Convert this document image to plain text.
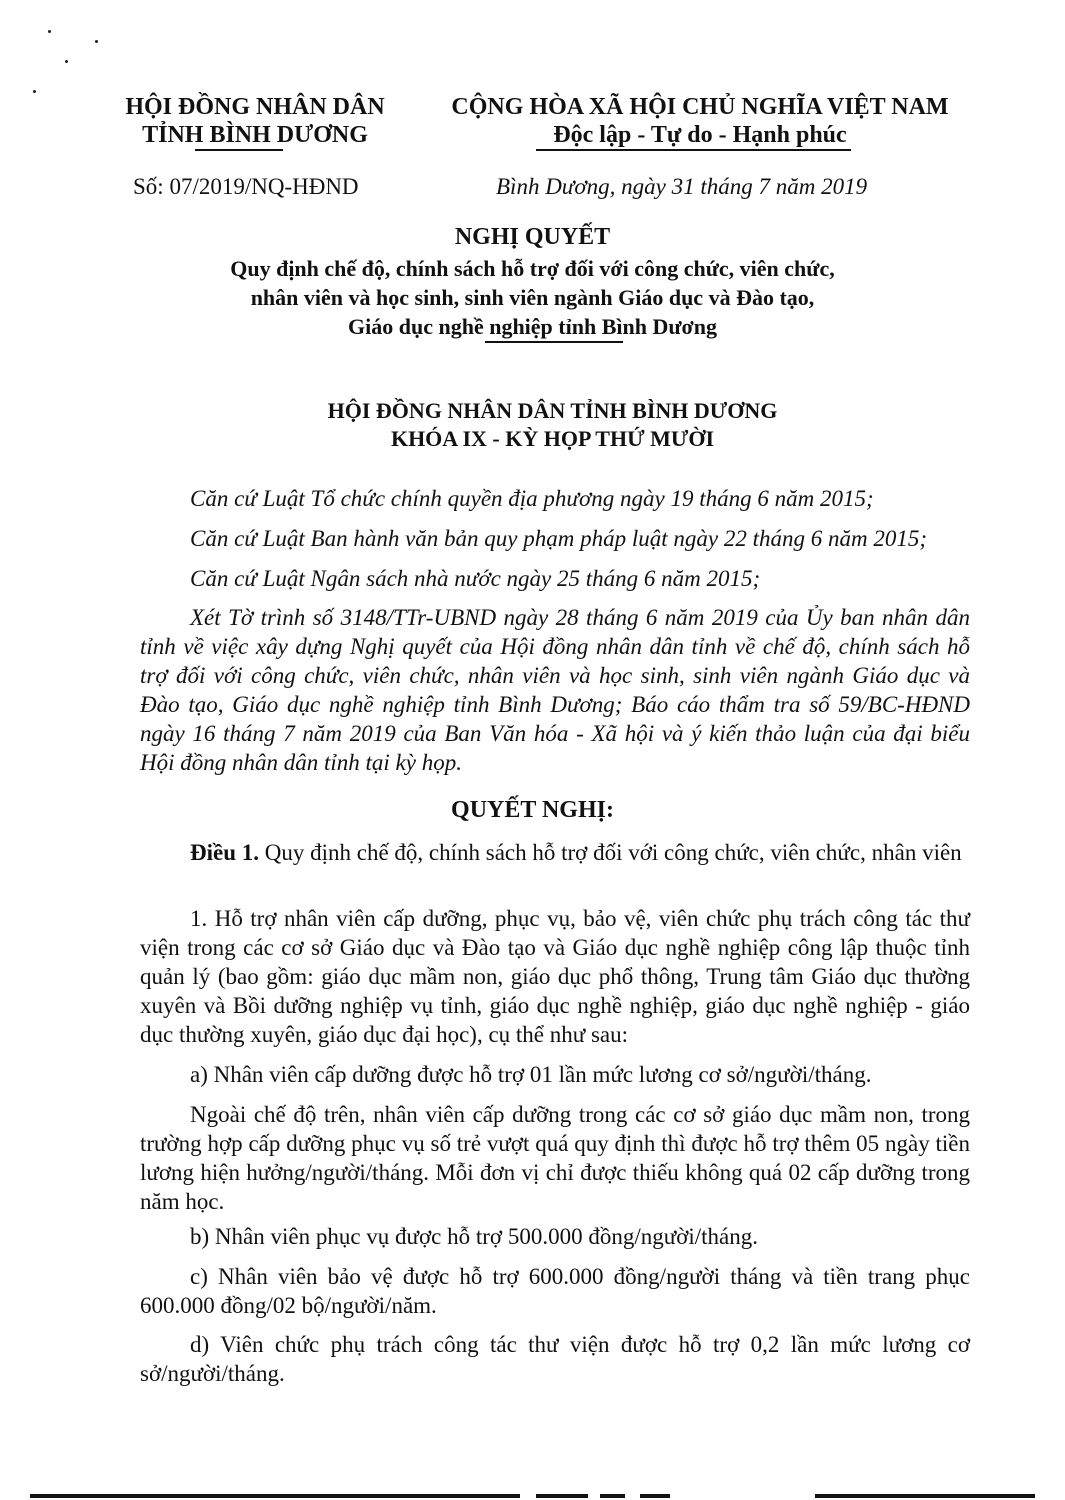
HỘI ĐỒNG NHÂN DÂN
TỈNH BÌNH DƯƠNG
CỘNG HÒA XÃ HỘI CHỦ NGHĨA VIỆT NAM
Độc lập - Tự do - Hạnh phúc
Số: 07/2019/NQ-HĐND	Bình Dương, ngày 31 tháng 7 năm 2019
NGHỊ QUYẾT
Quy định chế độ, chính sách hỗ trợ đối với công chức, viên chức,
nhân viên và học sinh, sinh viên ngành Giáo dục và Đào tạo,
Giáo dục nghề nghiệp tỉnh Bình Dương
HỘI ĐỒNG NHÂN DÂN TỈNH BÌNH DƯƠNG
KHÓA IX - KỲ HỌP THỨ MƯỜI
Căn cứ Luật Tổ chức chính quyền địa phương ngày 19 tháng 6 năm 2015;
Căn cứ Luật Ban hành văn bản quy phạm pháp luật ngày 22 tháng 6 năm 2015;
Căn cứ Luật Ngân sách nhà nước ngày 25 tháng 6 năm 2015;
Xét Tờ trình số 3148/TTr-UBND ngày 28 tháng 6 năm 2019 của Ủy ban nhân dân tỉnh về việc xây dựng Nghị quyết của Hội đồng nhân dân tỉnh về chế độ, chính sách hỗ trợ đối với công chức, viên chức, nhân viên và học sinh, sinh viên ngành Giáo dục và Đào tạo, Giáo dục nghề nghiệp tỉnh Bình Dương; Báo cáo thẩm tra số 59/BC-HĐND ngày 16 tháng 7 năm 2019 của Ban Văn hóa - Xã hội và ý kiến thảo luận của đại biểu Hội đồng nhân dân tỉnh tại kỳ họp.
QUYẾT NGHỊ:
Điều 1. Quy định chế độ, chính sách hỗ trợ đối với công chức, viên chức, nhân viên
1. Hỗ trợ nhân viên cấp dưỡng, phục vụ, bảo vệ, viên chức phụ trách công tác thư viện trong các cơ sở Giáo dục và Đào tạo và Giáo dục nghề nghiệp công lập thuộc tỉnh quản lý (bao gồm: giáo dục mầm non, giáo dục phổ thông, Trung tâm Giáo dục thường xuyên và Bồi dưỡng nghiệp vụ tỉnh, giáo dục nghề nghiệp, giáo dục nghề nghiệp - giáo dục thường xuyên, giáo dục đại học), cụ thể như sau:
a) Nhân viên cấp dưỡng được hỗ trợ 01 lần mức lương cơ sở/người/tháng.
Ngoài chế độ trên, nhân viên cấp dưỡng trong các cơ sở giáo dục mầm non, trong trường hợp cấp dưỡng phục vụ số trẻ vượt quá quy định thì được hỗ trợ thêm 05 ngày tiền lương hiện hưởng/người/tháng. Mỗi đơn vị chỉ được thiếu không quá 02 cấp dưỡng trong năm học.
b) Nhân viên phục vụ được hỗ trợ 500.000 đồng/người/tháng.
c) Nhân viên bảo vệ được hỗ trợ 600.000 đồng/người tháng và tiền trang phục 600.000 đồng/02 bộ/người/năm.
d) Viên chức phụ trách công tác thư viện được hỗ trợ 0,2 lần mức lương cơ sở/người/tháng.
